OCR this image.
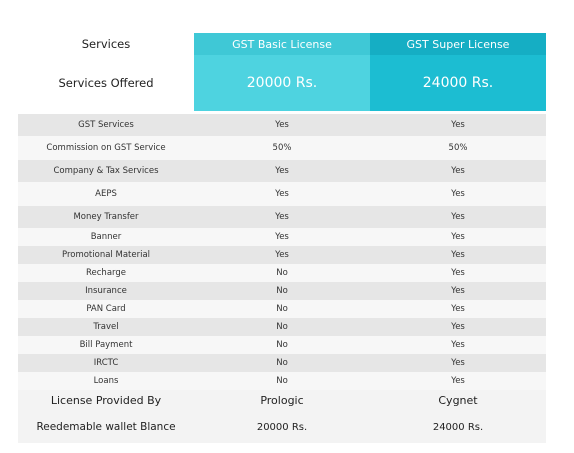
Services	GST Basic License	GST Super License
Services Offered	20000 Rs.	24000 Rs.
GST Services	Yes	Yes
Commission on GST Service	50%	50%
Company & Tax Services	Yes	Yes
AEPS	Yes	Yes
Money Transfer	Yes	Yes
Banner	Yes	Yes
Promotional Material	Yes	Yes
Recharge	No	Yes
Insurance	No	Yes
PAN Card	No	Yes
Travel	No	Yes
Bill Payment	No	Yes
IRCTC	No	Yes
Loans	No	Yes
License Provided By	Prologic	Cygnet
Reedemable wallet Blance	20000 Rs.	24000 Rs.
